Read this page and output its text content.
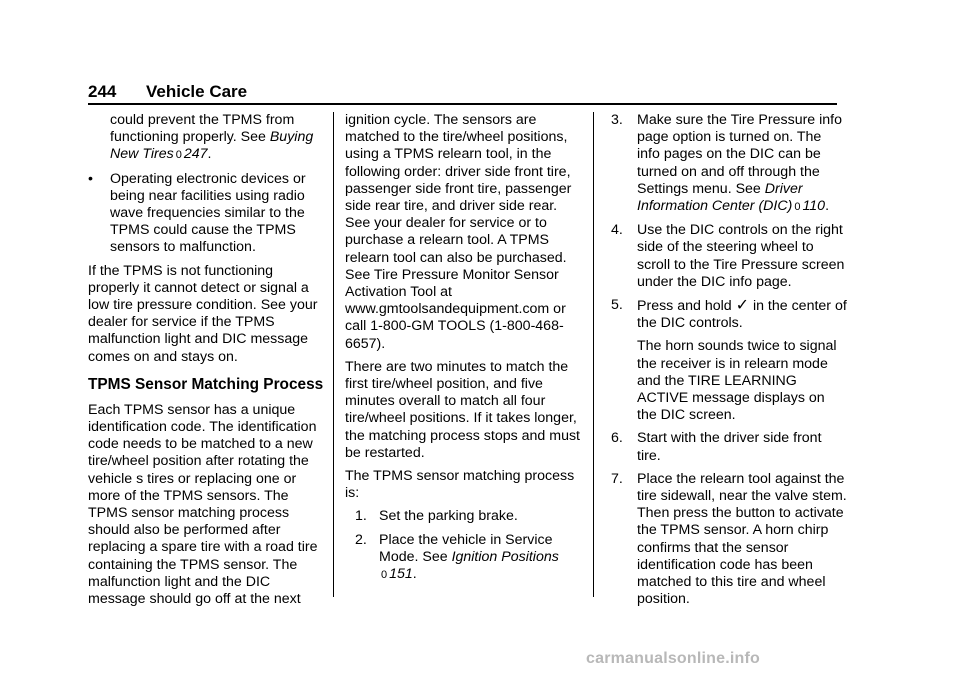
244 Vehicle Care

could prevent the TPMS from functioning properly. See Buying New Tires 0 247.

• Operating electronic devices or being near facilities using radio wave frequencies similar to the TPMS could cause the TPMS sensors to malfunction.

If the TPMS is not functioning properly it cannot detect or signal a low tire pressure condition. See your dealer for service if the TPMS malfunction light and DIC message comes on and stays on.

TPMS Sensor Matching Process

Each TPMS sensor has a unique identification code. The identification code needs to be matched to a new tire/wheel position after rotating the vehicle s tires or replacing one or more of the TPMS sensors. The TPMS sensor matching process should also be performed after replacing a spare tire with a road tire containing the TPMS sensor. The malfunction light and the DIC message should go off at the next

ignition cycle. The sensors are matched to the tire/wheel positions, using a TPMS relearn tool, in the following order: driver side front tire, passenger side front tire, passenger side rear tire, and driver side rear. See your dealer for service or to purchase a relearn tool. A TPMS relearn tool can also be purchased. See Tire Pressure Monitor Sensor Activation Tool at www.gmtoolsandequipment.com or call 1-800-GM TOOLS (1-800-468-6657).

There are two minutes to match the first tire/wheel position, and five minutes overall to match all four tire/wheel positions. If it takes longer, the matching process stops and must be restarted.

The TPMS sensor matching process is:

1. Set the parking brake.

2. Place the vehicle in Service Mode. See Ignition Positions
0 151.

3. Make sure the Tire Pressure info page option is turned on. The info pages on the DIC can be turned on and off through the Settings menu. See Driver Information Center (DIC) 0 110.

4. Use the DIC controls on the right side of the steering wheel to scroll to the Tire Pressure screen under the DIC info page.

5. Press and hold ✓ in the center of the DIC controls.

The horn sounds twice to signal the receiver is in relearn mode and the TIRE LEARNING ACTIVE message displays on the DIC screen.

6. Start with the driver side front tire.

7. Place the relearn tool against the tire sidewall, near the valve stem. Then press the button to activate the TPMS sensor. A horn chirp confirms that the sensor identification code has been matched to this tire and wheel position.

carmanualsonline.info
